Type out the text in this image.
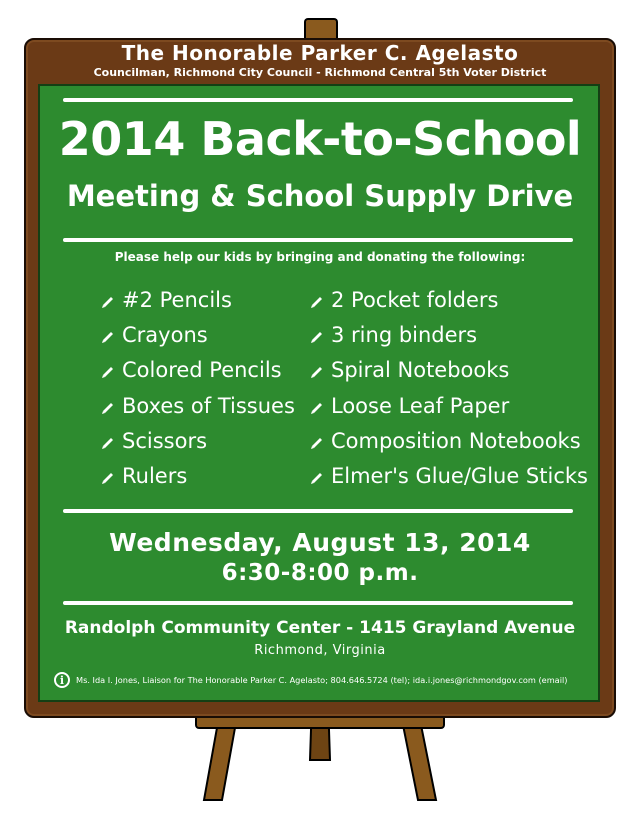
The Honorable Parker C. Agelasto
Councilman, Richmond City Council - Richmond Central 5th Voter District
2014 Back-to-School
Meeting & School Supply Drive
Please help our kids by bringing and donating the following:
#2 Pencils
Crayons
Colored Pencils
Boxes of Tissues
Scissors
Rulers
2 Pocket folders
3 ring binders
Spiral Notebooks
Loose Leaf Paper
Composition Notebooks
Elmer's Glue/Glue Sticks
Wednesday, August 13, 2014
6:30-8:00 p.m.
Randolph Community Center - 1415 Grayland Avenue
Richmond, Virginia
i	Ms. Ida I. Jones, Liaison for The Honorable Parker C. Agelasto; 804.646.5724 (tel); ida.i.jones@richmondgov.com (email)
